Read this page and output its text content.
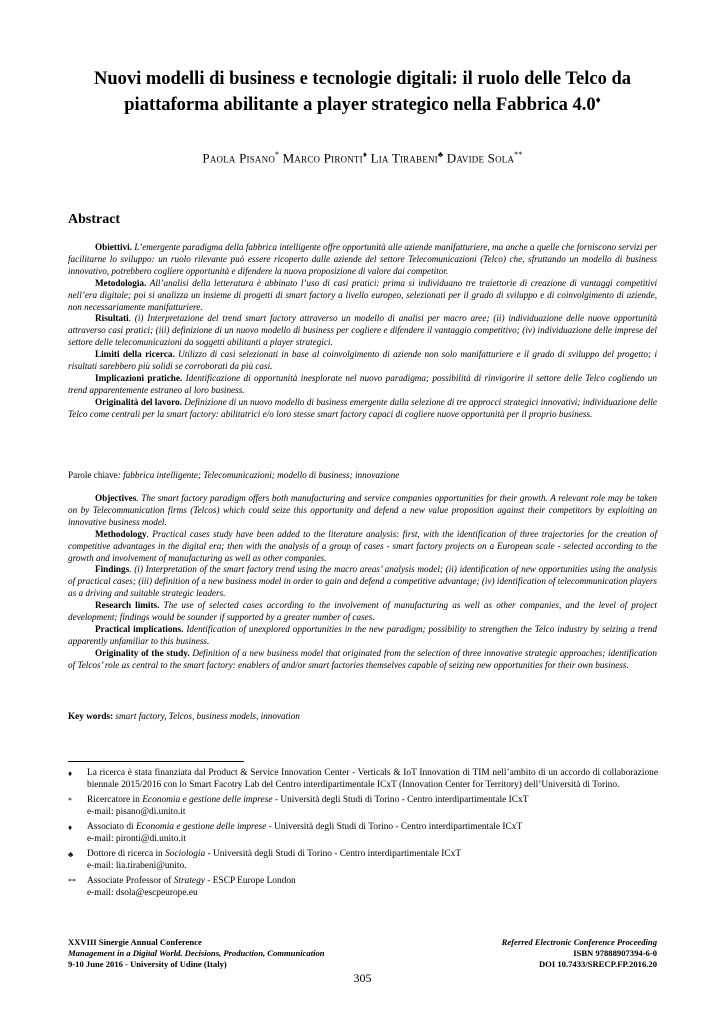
Nuovi modelli di business e tecnologie digitali: il ruolo delle Telco da
piattaforma abilitante a player strategico nella Fabbrica 4.0♦
Paola Pisano* Marco Pironti♦ Lia Tirabeni♣ Davide Sola**
Abstract

Obiettivi. L’emergente paradigma della fabbrica intelligente offre opportunità alle aziende manifatturiere, ma anche a quelle che forniscono servizi per facilitarne lo sviluppo: un ruolo rilevante può essere ricoperto dalle aziende del settore Telecomunicazioni (Telco) che, sfruttando un modello di business innovativo, potrebbero cogliere opportunità e difendere la nuova proposizione di valore dai competitor.

Metodologia. All’analisi della letteratura è abbinato l’uso di casi pratici: prima si individuano tre traiettorie di creazione di vantaggi competitivi nell’era digitale; poi si analizza un insieme di progetti di smart factory a livello europeo, selezionati per il grado di sviluppo e di coinvolgimento di aziende, non necessariamente manifatturiere.

Risultati. (i) Interpretazione del trend smart factory attraverso un modello di analisi per macro aree; (ii) individuazione delle nuove opportunità attraverso casi pratici; (iii) definizione di un nuovo modello di business per cogliere e difendere il vantaggio competitivo; (iv) individuazione delle imprese del settore delle telecomunicazioni da soggetti abilitanti a player strategici.

Limiti della ricerca. Utilizzo di casi selezionati in base al coinvolgimento di aziende non solo manifatturiere e il grado di sviluppo del progetto; i risultati sarebbero più solidi se corroborati da più casi.

Implicazioni pratiche. Identificazione di opportunità inesplorate nel nuovo paradigma; possibilità di rinvigorire il settore delle Telco cogliendo un trend apparentemente estraneo al loro business.

Originalità del lavoro. Definizione di un nuovo modello di business emergente dalla selezione di tre approcci strategici innovativi; individuazione delle Telco come centrali per la smart factory: abilitatrici e/o loro stesse smart factory capaci di cogliere nuove opportunità per il proprio business.

Parole chiave: fabbrica intelligente; Telecomunicazioni; modello di business; innovazione

Objectives. The smart factory paradigm offers both manufacturing and service companies opportunities for their growth. A relevant role may be taken on by Telecommunication firms (Telcos) which could seize this opportunity and defend a new value proposition against their competitors by exploiting an innovative business model.

Methodology. Practical cases study have been added to the literature analysis: first, with the identification of three trajectories for the creation of competitive advantages in the digital era; then with the analysis of a group of cases - smart factory projects on a European scale - selected according to the growth and involvement of manufacturing as well as other companies.

Findings. (i) Interpretation of the smart factory trend using the macro areas’ analysis model; (ii) identification of new opportunities using the analysis of practical cases; (iii) definition of a new business model in order to gain and defend a competitive advantage; (iv) identification of telecommunication players as a driving and suitable strategic leaders.

Research limits. The use of selected cases according to the involvement of manufacturing as well as other companies, and the level of project development; findings would be sounder if supported by a greater number of cases.

Practical implications. Identification of unexplored opportunities in the new paradigm; possibility to strengthen the Telco industry by seizing a trend apparently unfamiliar to this business.

Originality of the study. Definition of a new business model that originated from the selection of three innovative strategic approaches; identification of Telcos’ role as central to the smart factory: enablers of and/or smart factories themselves capable of seizing new opportunities for their own business.

Key words: smart factory, Telcos, business models, innovation

♦ La ricerca è stata finanziata dal Product & Service Innovation Center - Verticals & IoT Innovation di TIM nell’ambito di un accordo di collaborazione biennale 2015/2016 con lo Smart Facotry Lab del Centro interdipartimentale ICxT (Innovation Center for Territory) dell’Università di Torino.

* Ricercatore in Economia e gestione delle imprese - Università degli Studi di Torino - Centro interdipartimentale ICxT
e-mail: pisano@di.unito.it

♦ Associato di Economia e gestione delle imprese - Università degli Studi di Torino - Centro interdipartimentale ICxT
e-mail: pironti@di.unito.it

♣ Dottore di ricerca in Sociologia - Università degli Studi di Torino - Centro interdipartimentale ICxT
e-mail: lia.tirabeni@unito.

** Associate Professor of Strategy - ESCP Europe London
e-mail: dsola@escpeurope.eu

XXVIII Sinergie Annual Conference	Referred Electronic Conference Proceeding
Management in a Digital World. Decisions, Production, Communication	ISBN 97888907394-6-0
9-10 June 2016 - University of Udine (Italy)	DOI 10.7433/SRECP.FP.2016.20
305
